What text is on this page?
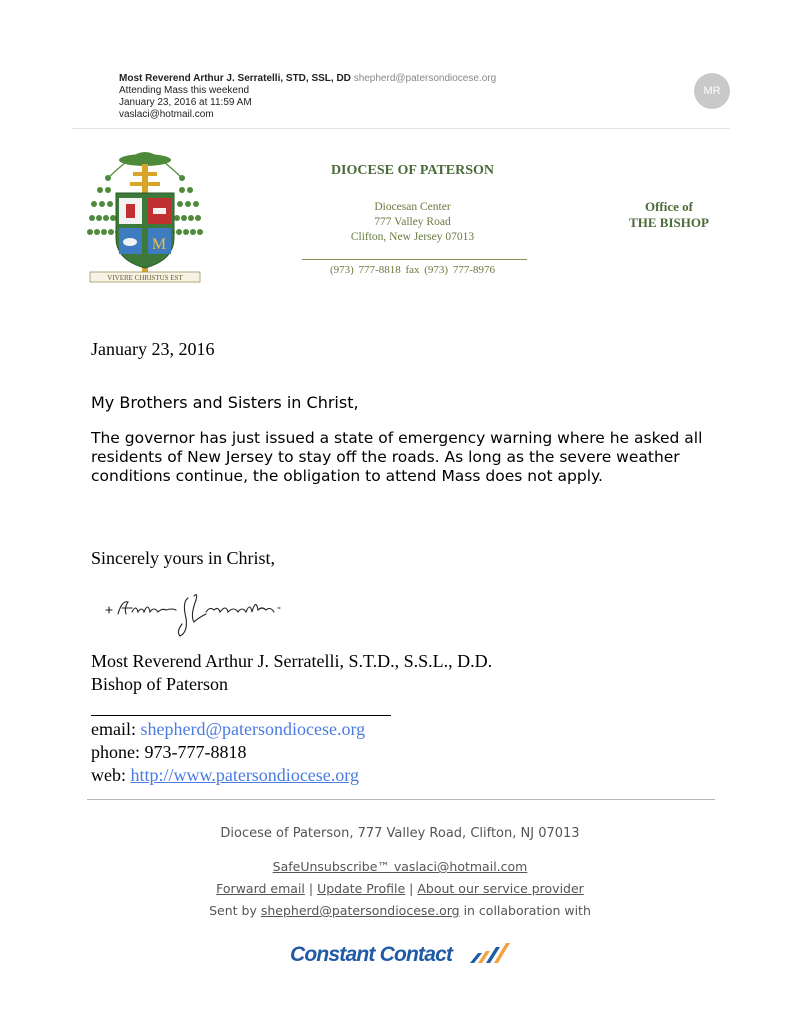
Most Reverend Arthur J. Serratelli, STD, SSL, DD shepherd@patersondiocese.org
Attending Mass this weekend
January 23, 2016 at 11:59 AM
vaslaci@hotmail.com
MR
M
VIVERE CHRISTUS EST
DIOCESE OF PATERSON
Diocesan Center
777 Valley Road
Clifton, New Jersey 07013
(973) 777-8818 fax (973) 777-8976
Office of
THE BISHOP
January 23, 2016
My Brothers and Sisters in Christ,
The governor has just issued a state of emergency warning where he asked all residents of New Jersey to stay off the roads. As long as the severe weather conditions continue, the obligation to attend Mass does not apply.
Sincerely yours in Christ,
Most Reverend Arthur J. Serratelli, S.T.D., S.S.L., D.D.
Bishop of Paterson
email: shepherd@patersondiocese.org
phone: 973-777-8818
web: http://www.patersondiocese.org
Diocese of Paterson, 777 Valley Road, Clifton, NJ 07013
SafeUnsubscribe™ vaslaci@hotmail.com
Forward email | Update Profile | About our service provider
Sent by shepherd@patersondiocese.org in collaboration with
Constant Contact
